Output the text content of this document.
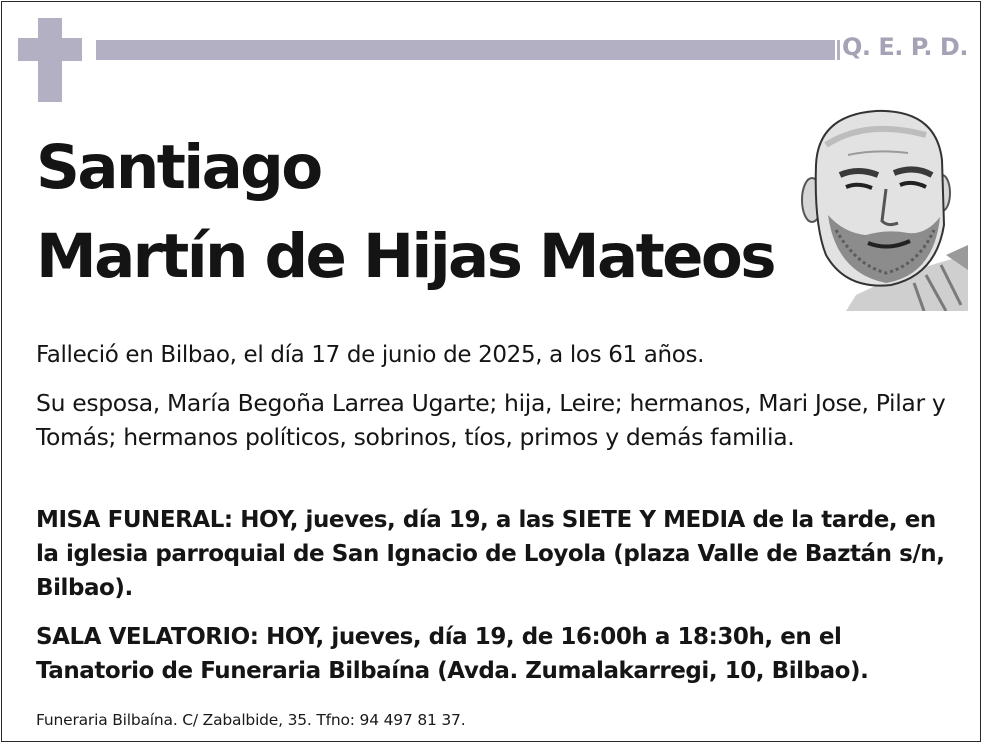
Q. E. P. D.
Santiago
Martín de Hijas Mateos

Falleció en Bilbao, el día 17 de junio de 2025, a los 61 años.

Su esposa, María Begoña Larrea Ugarte; hija, Leire; hermanos, Mari Jose, Pilar y Tomás; hermanos políticos, sobrinos, tíos, primos y demás familia.

MISA FUNERAL: HOY, jueves, día 19, a las SIETE Y MEDIA de la tarde, en la iglesia parroquial de San Ignacio de Loyola (plaza Valle de Baztán s/n, Bilbao).

SALA VELATORIO: HOY, jueves, día 19, de 16:00h a 18:30h, en el Tanatorio de Funeraria Bilbaína (Avda. Zumalakarregi, 10, Bilbao).

Funeraria Bilbaína. C/ Zabalbide, 35. Tfno: 94 497 81 37.
